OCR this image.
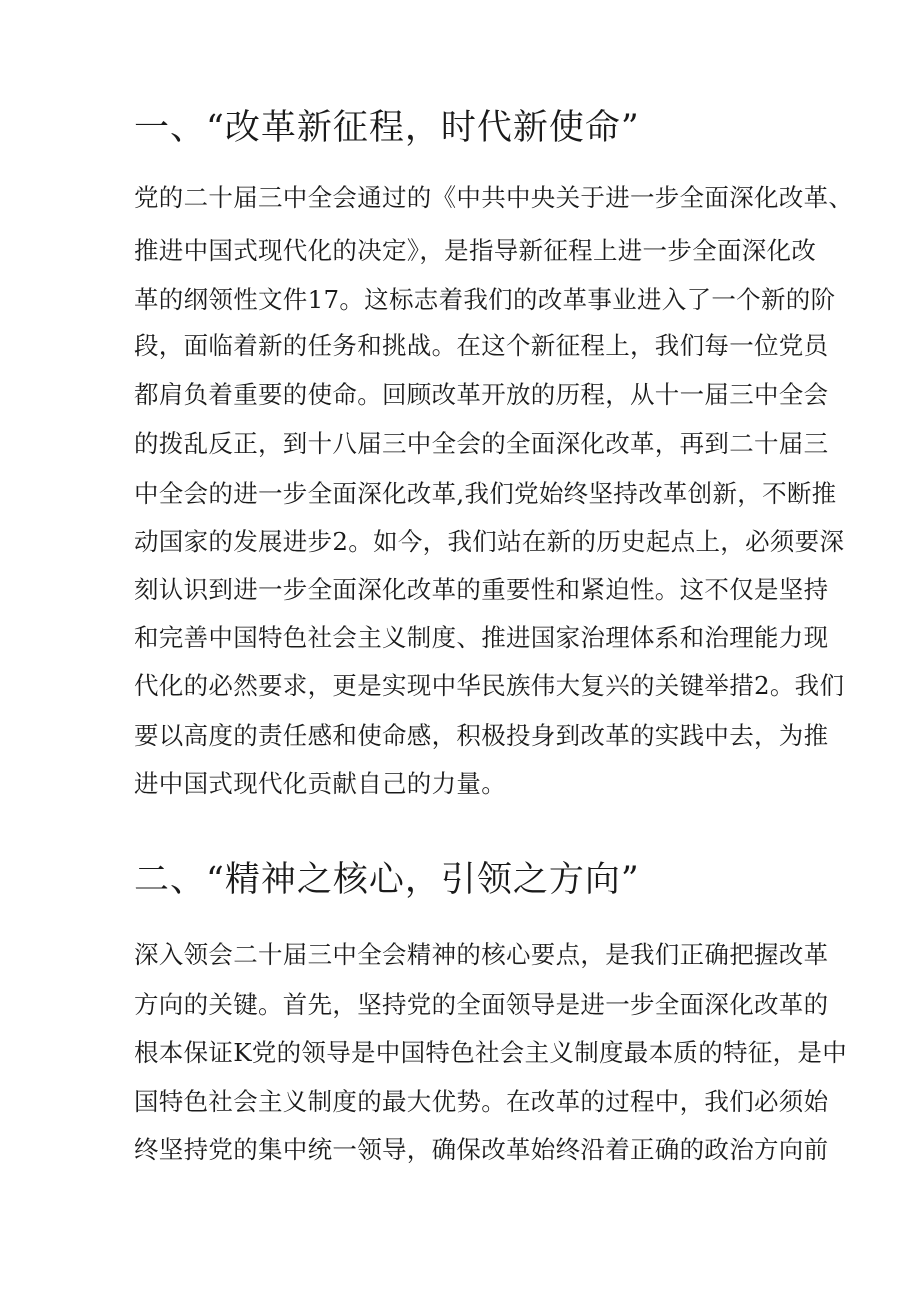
一、“改革新征程，时代新使命”
党的二十届三中全会通过的《中共中央关于进一步全面深化改革、
推进中国式现代化的决定》，是指导新征程上进一步全面深化改
革的纲领性文件17。这标志着我们的改革事业进入了一个新的阶
段，面临着新的任务和挑战。在这个新征程上，我们每一位党员
都肩负着重要的使命。回顾改革开放的历程，从十一届三中全会
的拨乱反正，到十八届三中全会的全面深化改革，再到二十届三
中全会的进一步全面深化改革,我们党始终坚持改革创新，不断推
动国家的发展进步2。如今，我们站在新的历史起点上，必须要深
刻认识到进一步全面深化改革的重要性和紧迫性。这不仅是坚持
和完善中国特色社会主义制度、推进国家治理体系和治理能力现
代化的必然要求，更是实现中华民族伟大复兴的关键举措2。我们
要以高度的责任感和使命感，积极投身到改革的实践中去，为推
进中国式现代化贡献自己的力量。
二、“精神之核心，引领之方向”
深入领会二十届三中全会精神的核心要点，是我们正确把握改革
方向的关键。首先，坚持党的全面领导是进一步全面深化改革的
根本保证K党的领导是中国特色社会主义制度最本质的特征，是中
国特色社会主义制度的最大优势。在改革的过程中，我们必须始
终坚持党的集中统一领导，确保改革始终沿着正确的政治方向前
